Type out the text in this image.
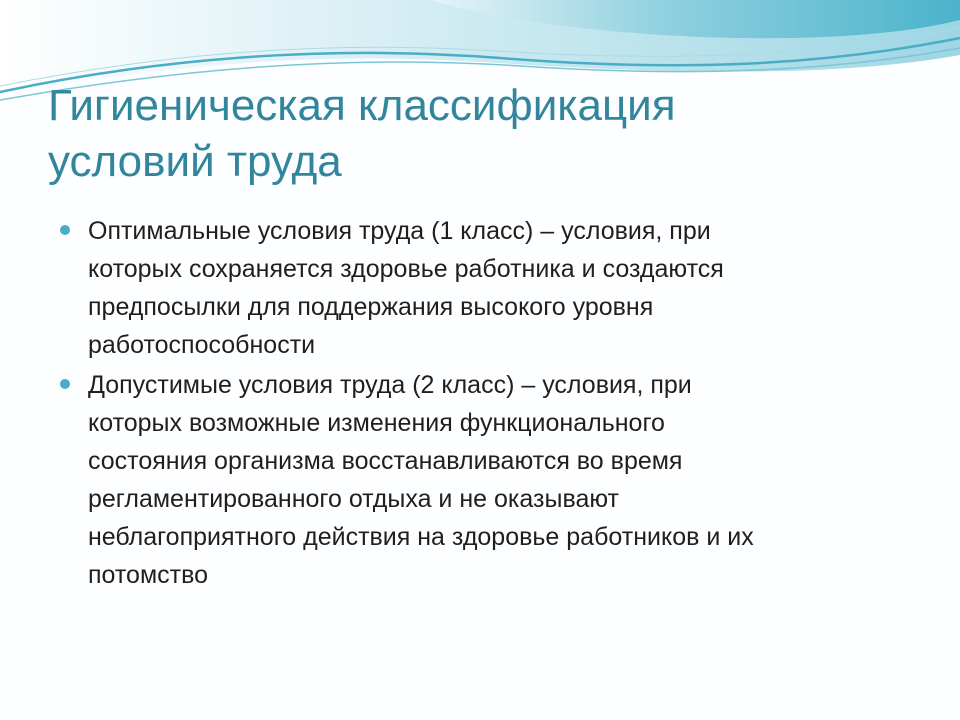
Гигиеническая классификация
условий труда
Оптимальные условия труда (1 класс) – условия, при
которых сохраняется здоровье работника и создаются
предпосылки для поддержания высокого уровня
работоспособности
Допустимые условия труда (2 класс) – условия, при
которых возможные изменения функционального
состояния организма восстанавливаются во время
регламентированного отдыха и не оказывают
неблагоприятного действия на здоровье работников и их
потомство
